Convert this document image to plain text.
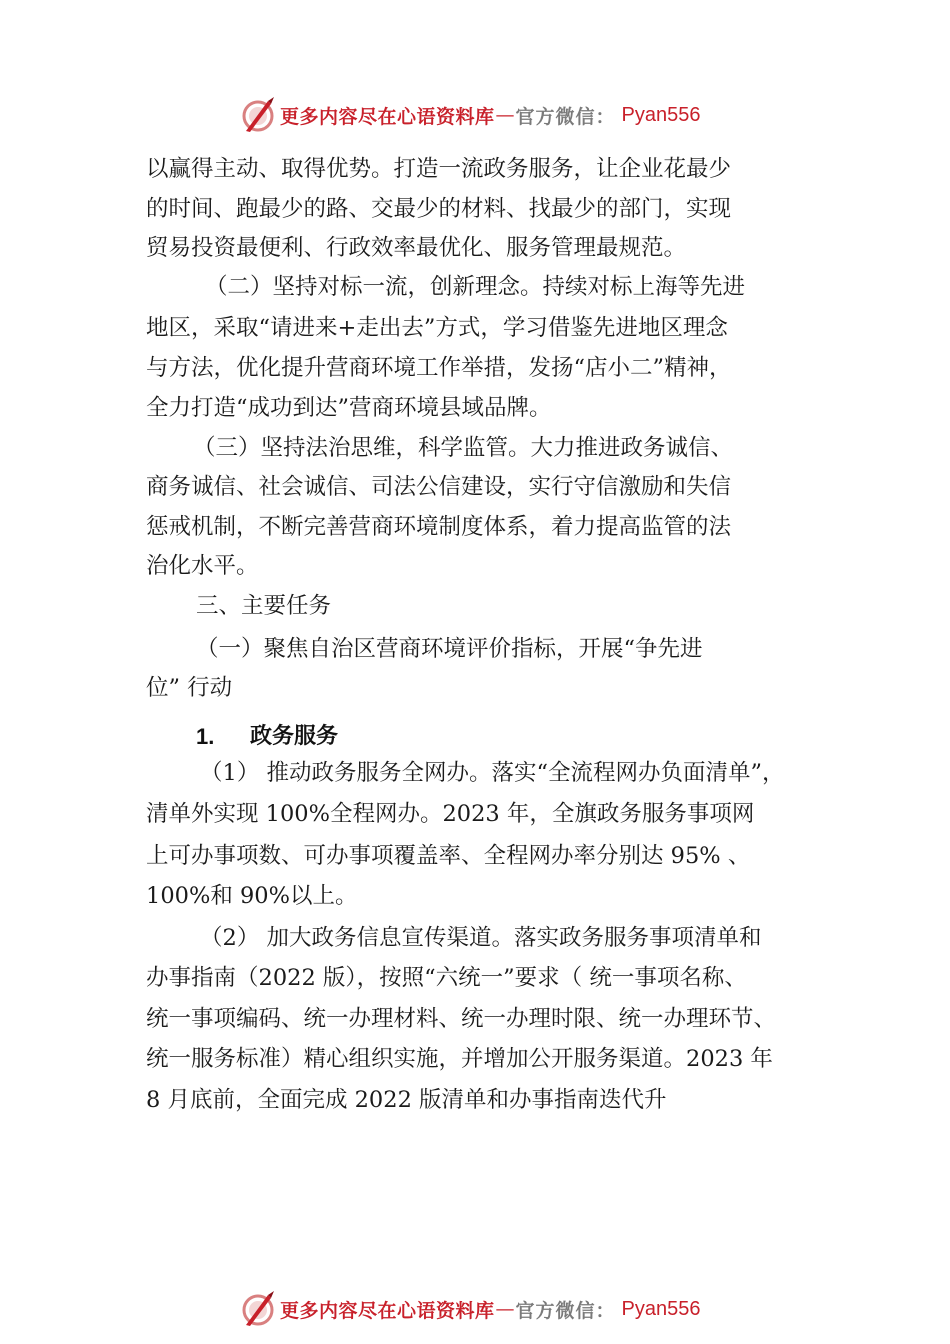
更多内容尽在心语资料库 — 官方微信： Pyan556
以赢得主动、取得优势。打造一流政务服务，让企业花最少
的时间、跑最少的路、交最少的材料、找最少的部门，实现
贸易投资最便利、行政效率最优化、服务管理最规范。
（二）坚持对标一流，创新理念。持续对标上海等先进
地区，采取“请进来+走出去”方式，学习借鉴先进地区理念
与方法，优化提升营商环境工作举措，发扬“店小二”精神，
全力打造“成功到达”营商环境县域品牌。
（三）坚持法治思维，科学监管。大力推进政务诚信、
商务诚信、社会诚信、司法公信建设，实行守信激励和失信
惩戒机制，不断完善营商环境制度体系，着力提高监管的法
治化水平。
三、主要任务
（一）聚焦自治区营商环境评价指标，开展“争先进
位” 行动
1. 政务服务
（1） 推动政务服务全网办。落实“全流程网办负面清单”，
清单外实现 100%全程网办。2023 年，全旗政务服务事项网
上可办事项数、可办事项覆盖率、全程网办率分别达 95% 、
100%和 90%以上。
（2） 加大政务信息宣传渠道。落实政务服务事项清单和
办事指南（2022 版），按照“六统一”要求（ 统一事项名称、
统一事项编码、统一办理材料、统一办理时限、统一办理环节、
统一服务标准）精心组织实施，并增加公开服务渠道。2023 年
8 月底前，全面完成 2022 版清单和办事指南迭代升
更多内容尽在心语资料库 — 官方微信： Pyan556
